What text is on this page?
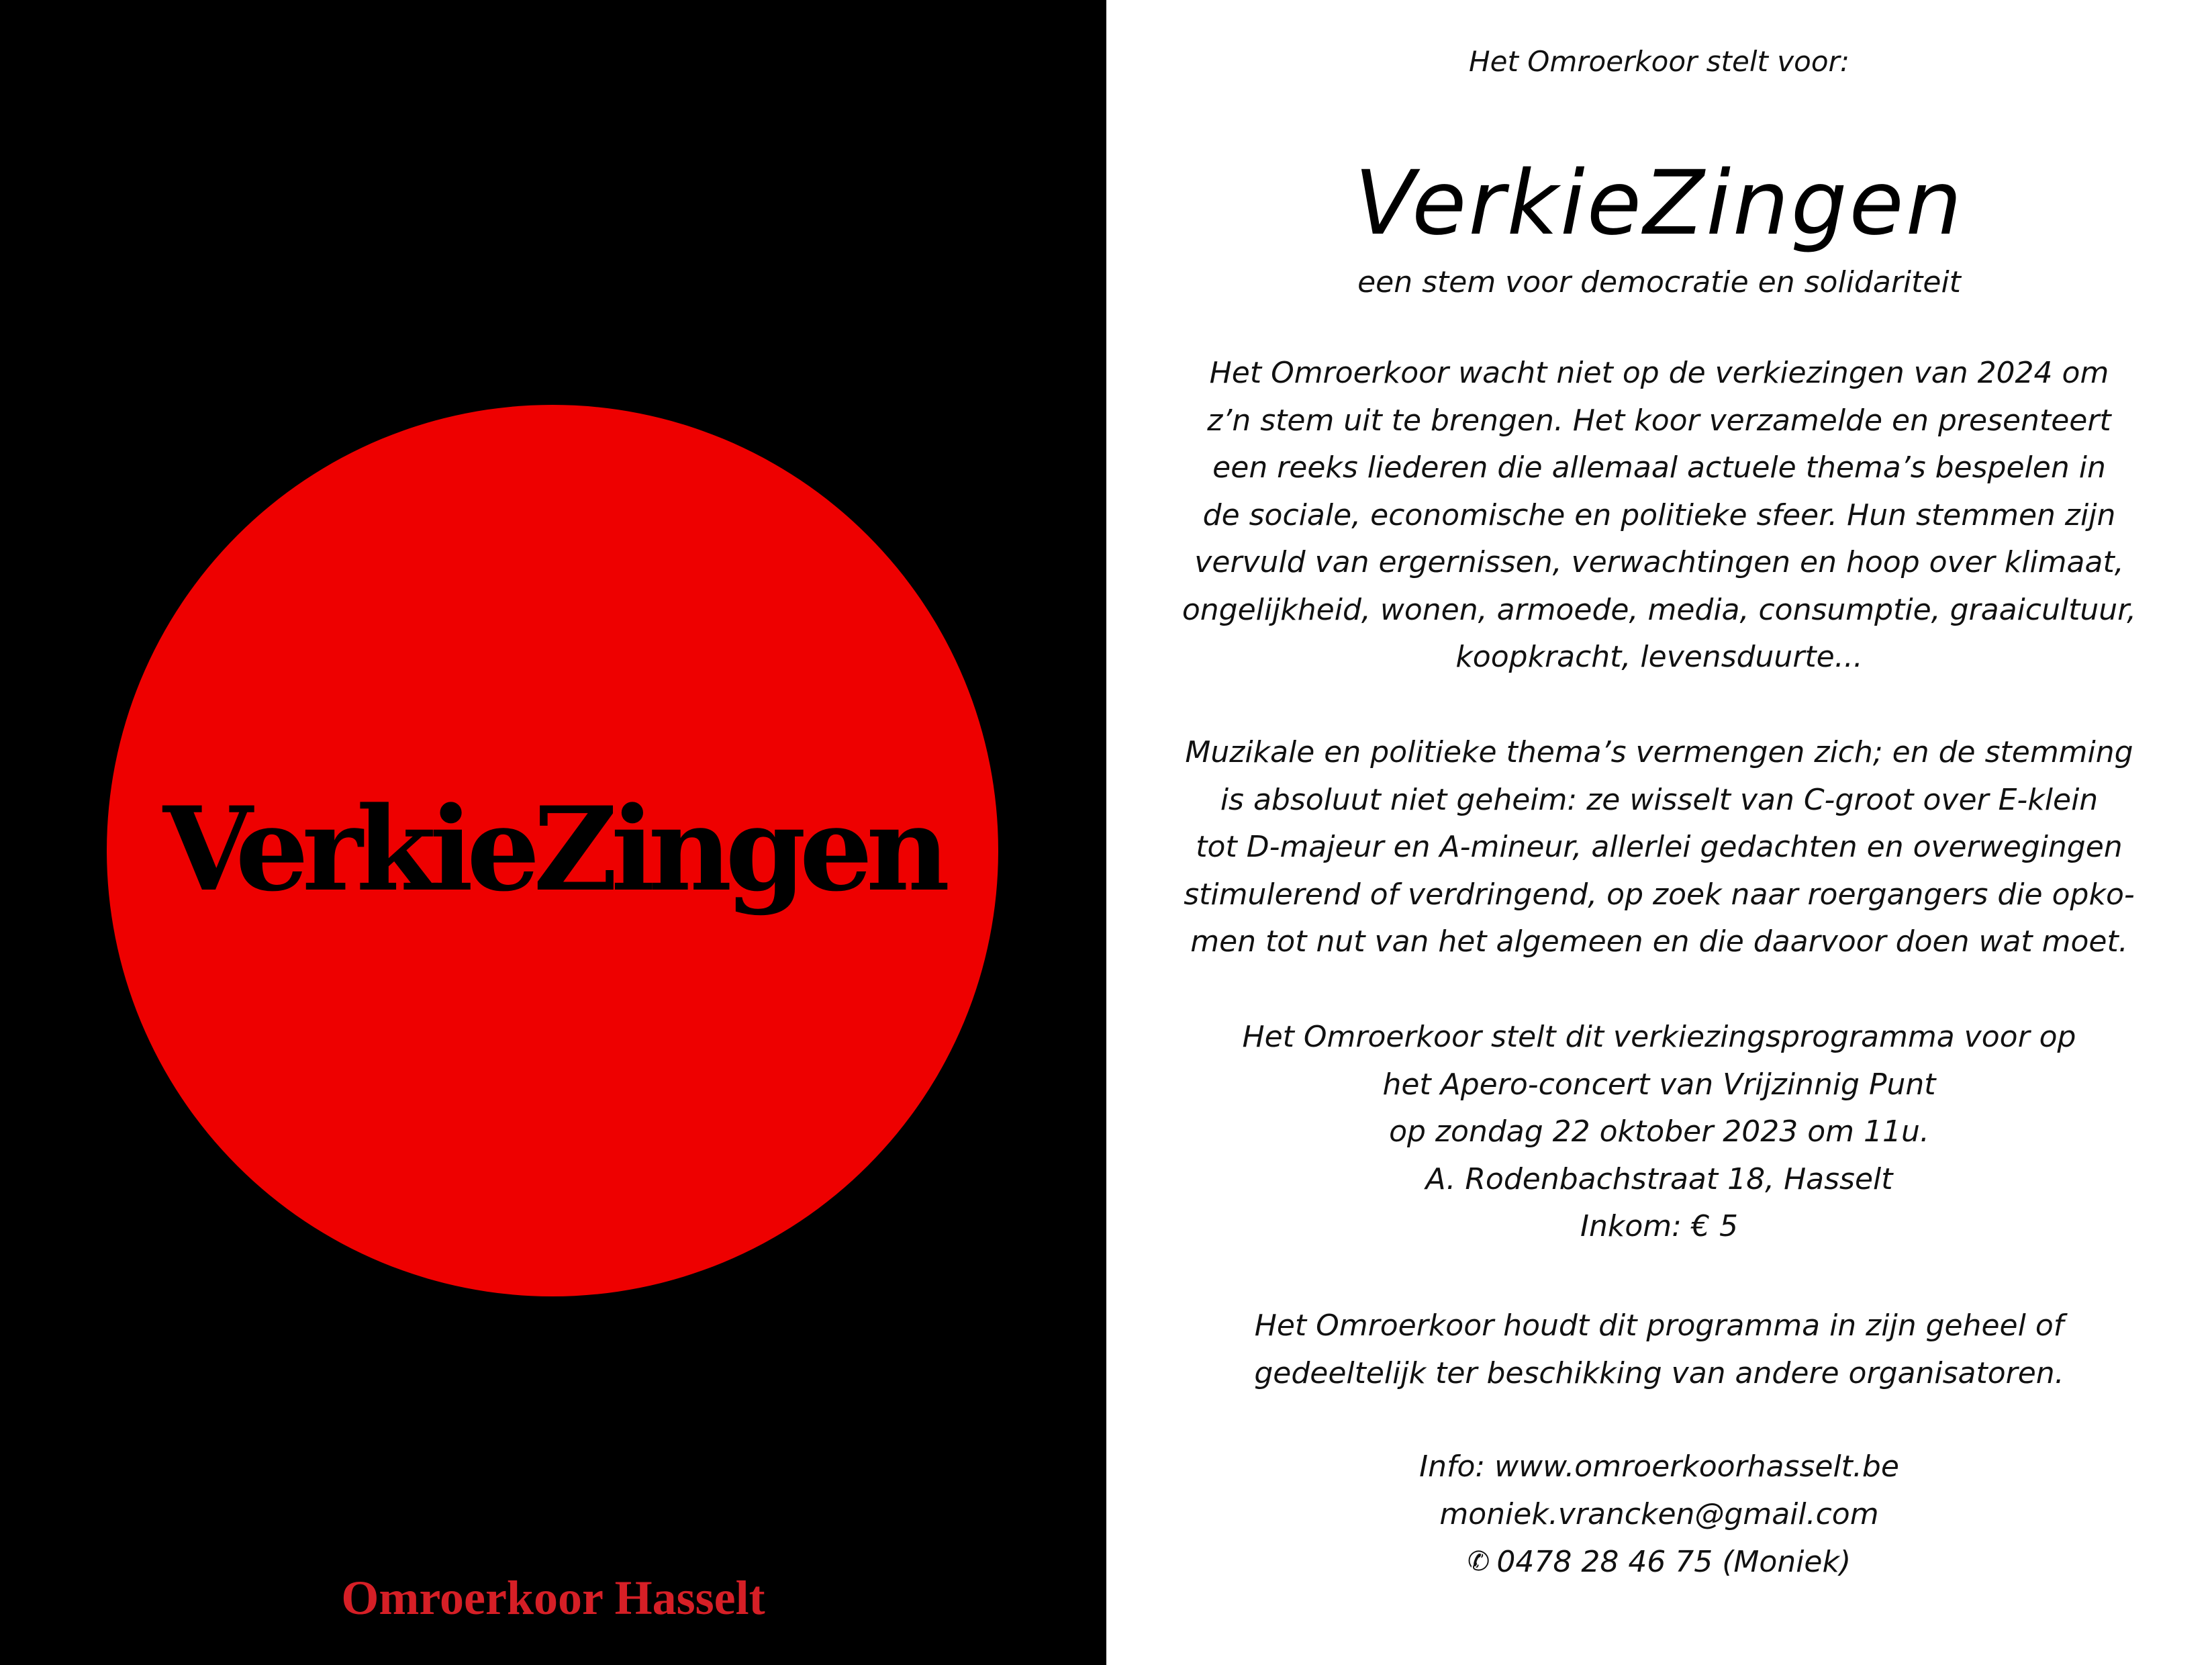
VerkieZingen
Omroerkoor Hasselt
Het Omroerkoor stelt voor:
VerkieZingen
een stem voor democratie en solidariteit
Het Omroerkoor wacht niet op de verkiezingen van 2024 om
z’n stem uit te brengen. Het koor verzamelde en presenteert
een reeks liederen die allemaal actuele thema’s bespelen in
de sociale, economische en politieke sfeer. Hun stemmen zijn
vervuld van ergernissen, verwachtingen en hoop over klimaat,
ongelijkheid, wonen, armoede, media, consumptie, graaicultuur,
koopkracht, levensduurte...
Muzikale en politieke thema’s vermengen zich; en de stemming
is absoluut niet geheim: ze wisselt van C-groot over E-klein
tot D-majeur en A-mineur, allerlei gedachten en overwegingen
stimulerend of verdringend, op zoek naar roergangers die opko-
men tot nut van het algemeen en die daarvoor doen wat moet.
Het Omroerkoor stelt dit verkiezingsprogramma voor op
het Apero-concert van Vrijzinnig Punt
op zondag 22 oktober 2023 om 11u.
A. Rodenbachstraat 18, Hasselt
Inkom: € 5
Het Omroerkoor houdt dit programma in zijn geheel of
gedeeltelijk ter beschikking van andere organisatoren.
Info: www.omroerkoorhasselt.be
moniek.vrancken@gmail.com
✆ 0478 28 46 75 (Moniek)
